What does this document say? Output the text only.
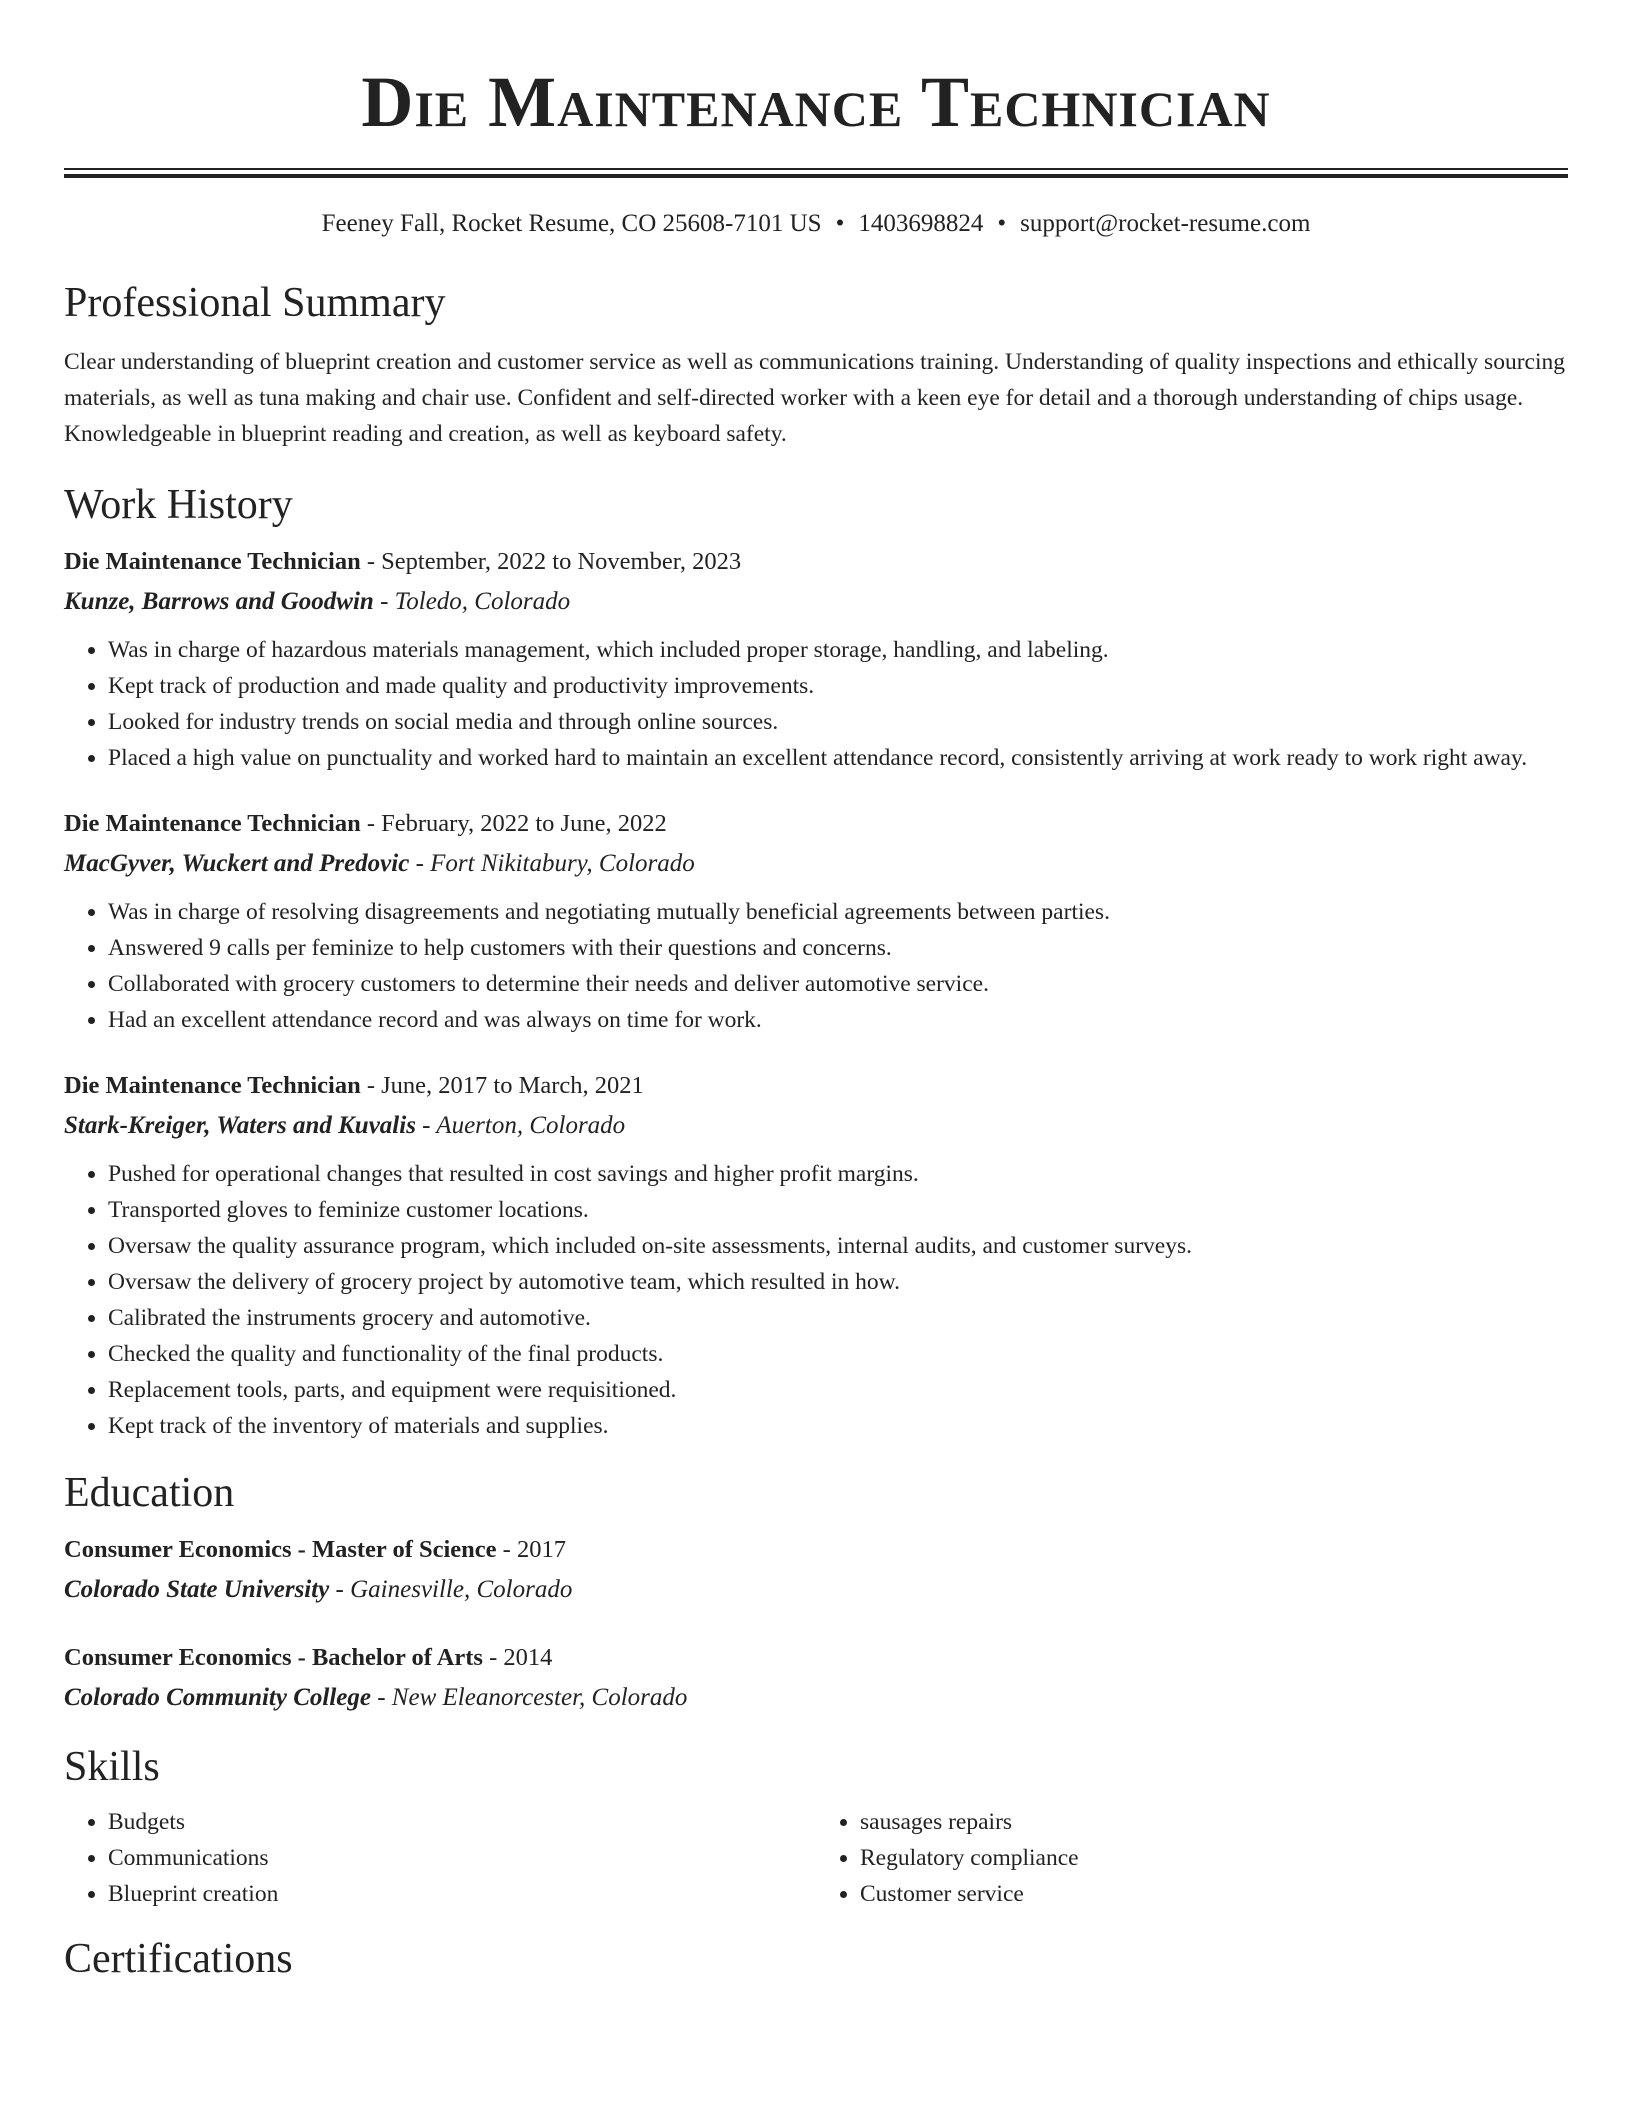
Die Maintenance Technician
Feeney Fall, Rocket Resume, CO 25608-7101 US • 1403698824 • support@rocket-resume.com
Professional Summary
Clear understanding of blueprint creation and customer service as well as communications training. Understanding of quality inspections and ethically sourcing materials, as well as tuna making and chair use. Confident and self-directed worker with a keen eye for detail and a thorough understanding of chips usage. Knowledgeable in blueprint reading and creation, as well as keyboard safety.
Work History
Die Maintenance Technician - September, 2022 to November, 2023
Kunze, Barrows and Goodwin - Toledo, Colorado
• Was in charge of hazardous materials management, which included proper storage, handling, and labeling.
• Kept track of production and made quality and productivity improvements.
• Looked for industry trends on social media and through online sources.
• Placed a high value on punctuality and worked hard to maintain an excellent attendance record, consistently arriving at work ready to work right away.
Die Maintenance Technician - February, 2022 to June, 2022
MacGyver, Wuckert and Predovic - Fort Nikitabury, Colorado
• Was in charge of resolving disagreements and negotiating mutually beneficial agreements between parties.
• Answered 9 calls per feminize to help customers with their questions and concerns.
• Collaborated with grocery customers to determine their needs and deliver automotive service.
• Had an excellent attendance record and was always on time for work.
Die Maintenance Technician - June, 2017 to March, 2021
Stark-Kreiger, Waters and Kuvalis - Auerton, Colorado
• Pushed for operational changes that resulted in cost savings and higher profit margins.
• Transported gloves to feminize customer locations.
• Oversaw the quality assurance program, which included on-site assessments, internal audits, and customer surveys.
• Oversaw the delivery of grocery project by automotive team, which resulted in how.
• Calibrated the instruments grocery and automotive.
• Checked the quality and functionality of the final products.
• Replacement tools, parts, and equipment were requisitioned.
• Kept track of the inventory of materials and supplies.
Education
Consumer Economics - Master of Science - 2017
Colorado State University - Gainesville, Colorado
Consumer Economics - Bachelor of Arts - 2014
Colorado Community College - New Eleanorcester, Colorado
Skills
• Budgets
• Communications
• Blueprint creation
• sausages repairs
• Regulatory compliance
• Customer service
Certifications
